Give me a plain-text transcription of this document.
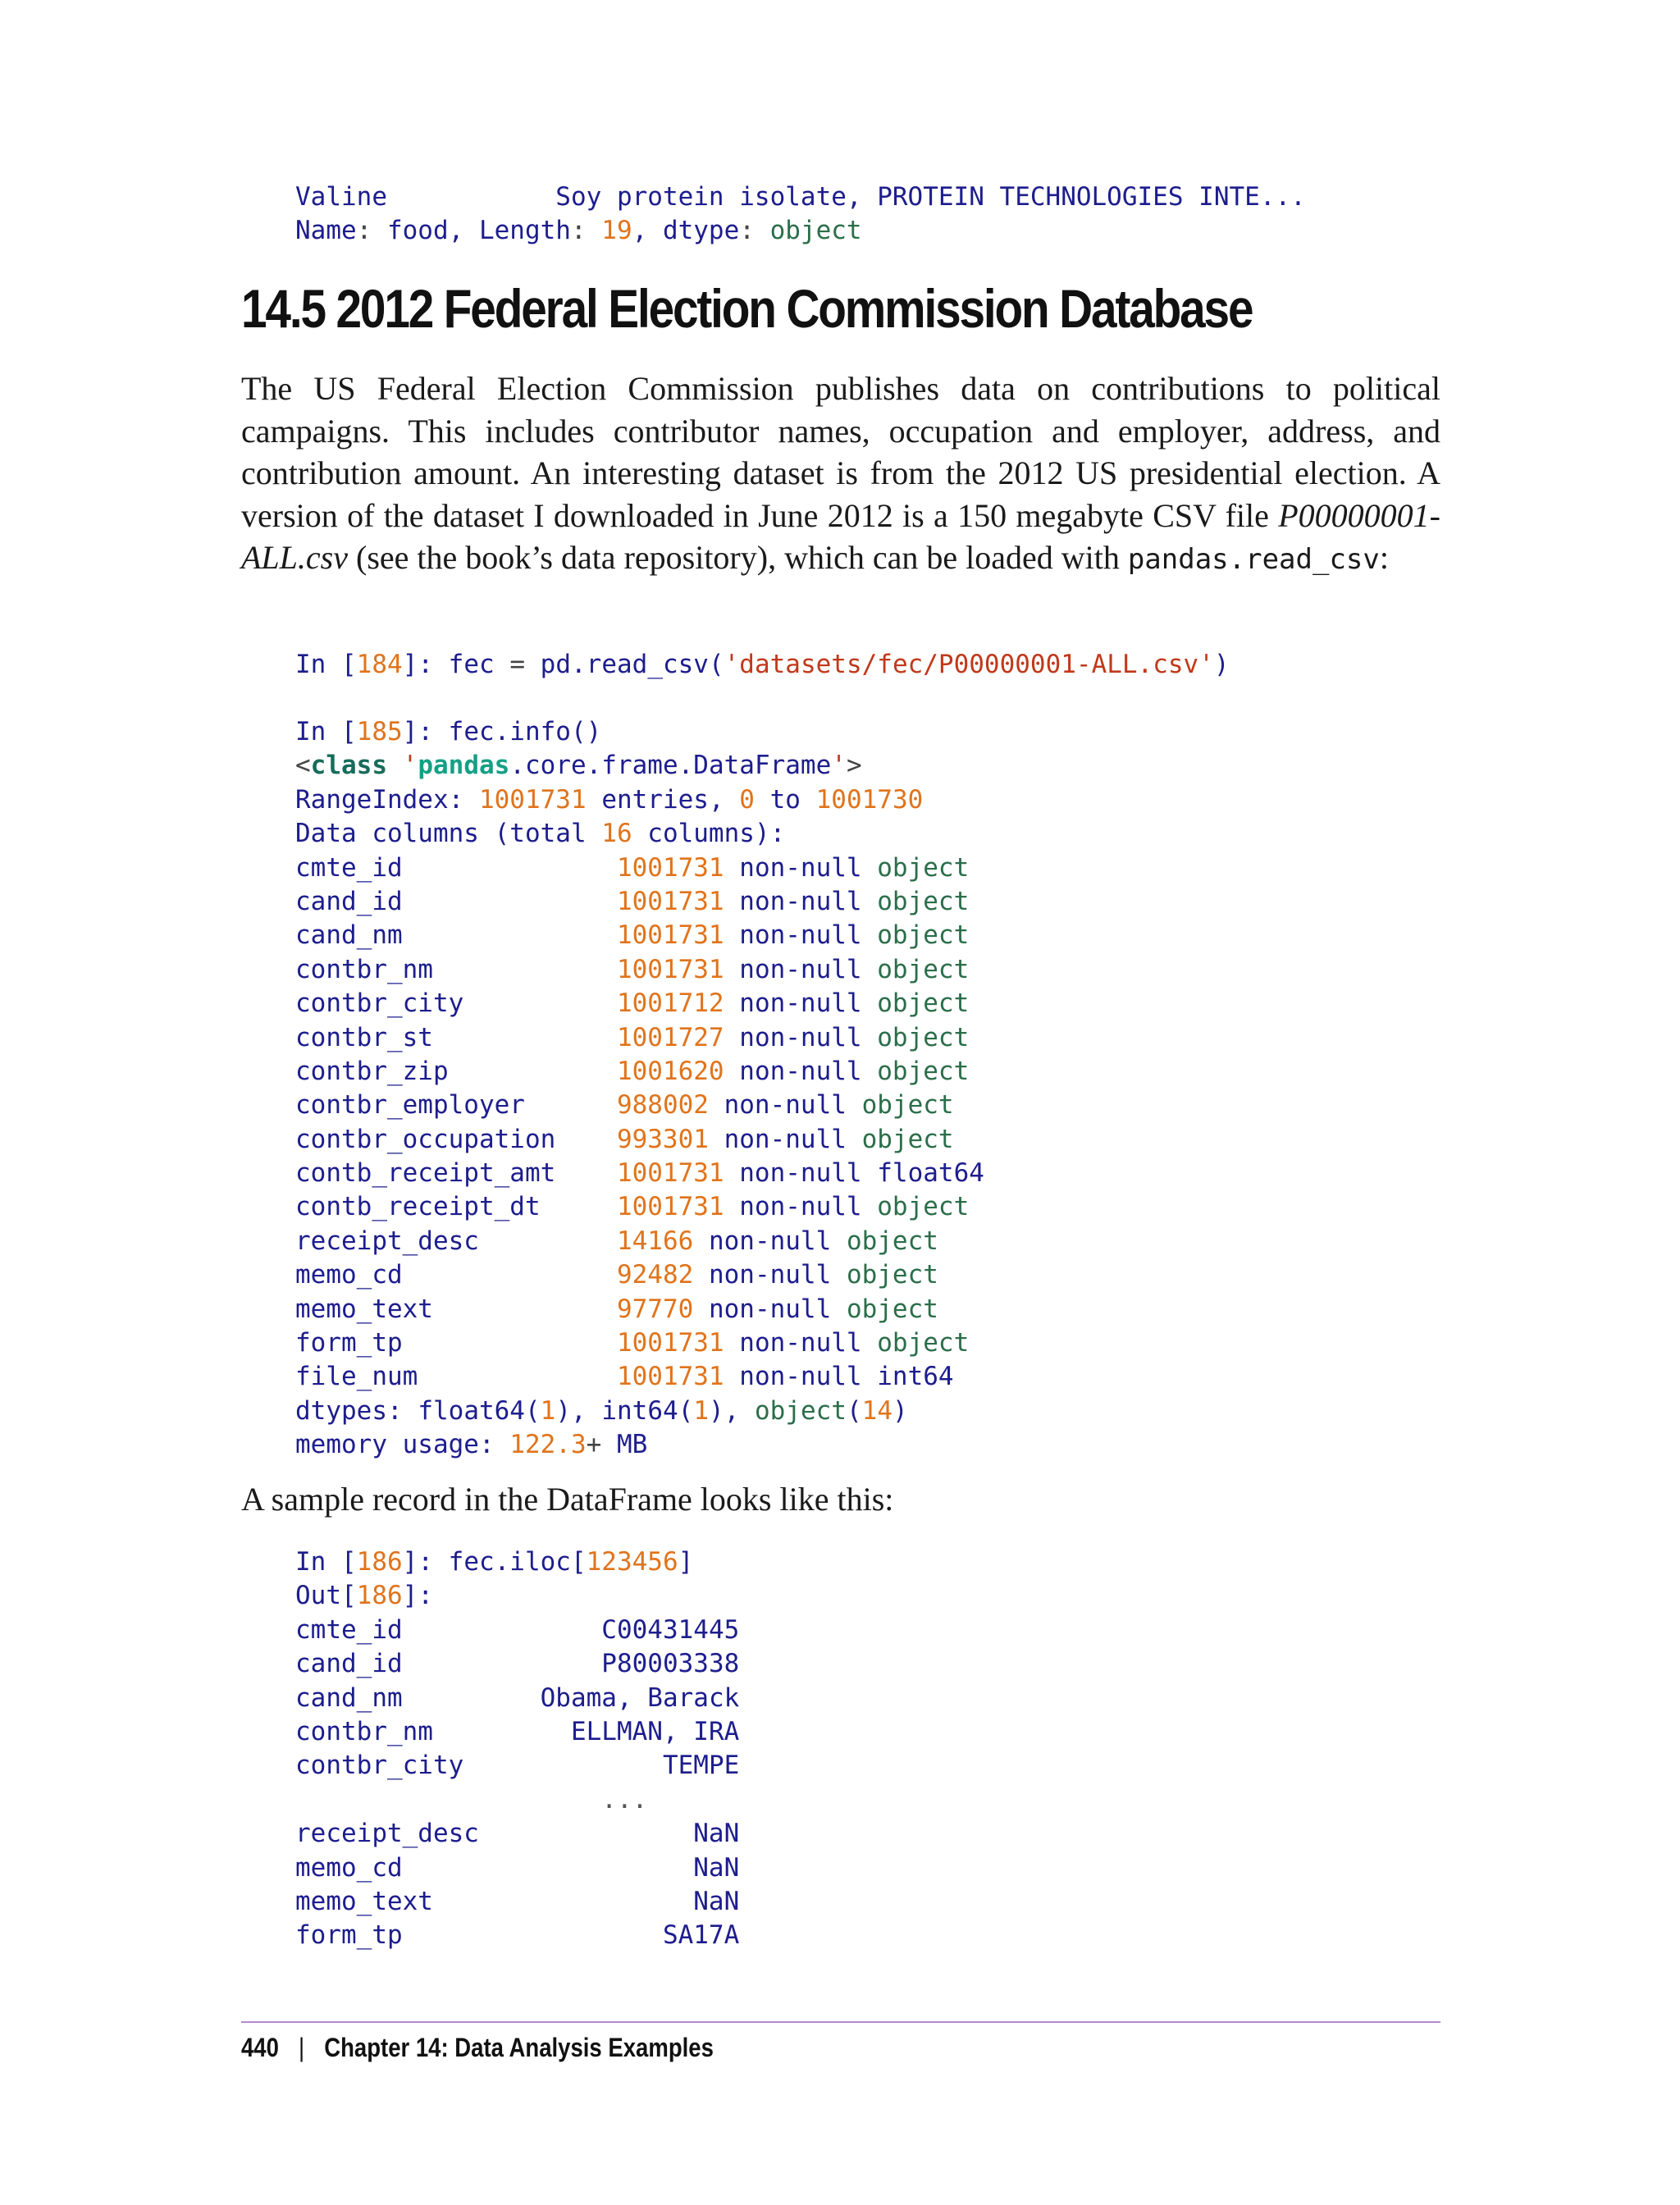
Valine	Soy protein isolate, PROTEIN TECHNOLOGIES INTE...
Name: food, Length: 19, dtype: object
14.5 2012 Federal Election Commission Database

The US Federal Election Commission publishes data on contributions to political campaigns. This includes contributor names, occupation and employer, address, and contribution amount. An interesting dataset is from the 2012 US presidential election. A version of the dataset I downloaded in June 2012 is a 150 megabyte CSV file P00000001-ALL.csv (see the book’s data repository), which can be loaded with pandas.read_csv:

In [184]: fec = pd.read_csv('datasets/fec/P00000001-ALL.csv')
In [185]: fec.info()
<class 'pandas.core.frame.DataFrame'>
RangeIndex: 1001731 entries, 0 to 1001730
Data columns (total 16 columns):
cmte_id	1001731 non-null object
cand_id	1001731 non-null object
cand_nm	1001731 non-null object
contbr_nm	1001731 non-null object
contbr_city	1001712 non-null object
contbr_st	1001727 non-null object
contbr_zip	1001620 non-null object
contbr_employer	988002 non-null object
contbr_occupation 993301 non-null object
contb_receipt_amt 1001731 non-null float64
contb_receipt_dt	1001731 non-null object
receipt_desc	14166 non-null object
memo_cd	92482 non-null object
memo_text	97770 non-null object
form_tp	1001731 non-null object
file_num	1001731 non-null int64
dtypes: float64(1), int64(1), object(14)
memory usage: 122.3+ MB

A sample record in the DataFrame looks like this:

In [186]: fec.iloc[123456]
Out[186]:
cmte_id	C00431445
cand_id	P80003338
cand_nm	Obama, Barack
contbr_nm	ELLMAN, IRA
contbr_city	TEMPE
...
receipt_desc	NaN
memo_cd	NaN
memo_text	NaN
form_tp	SA17A
440 | Chapter 14: Data Analysis Examples
